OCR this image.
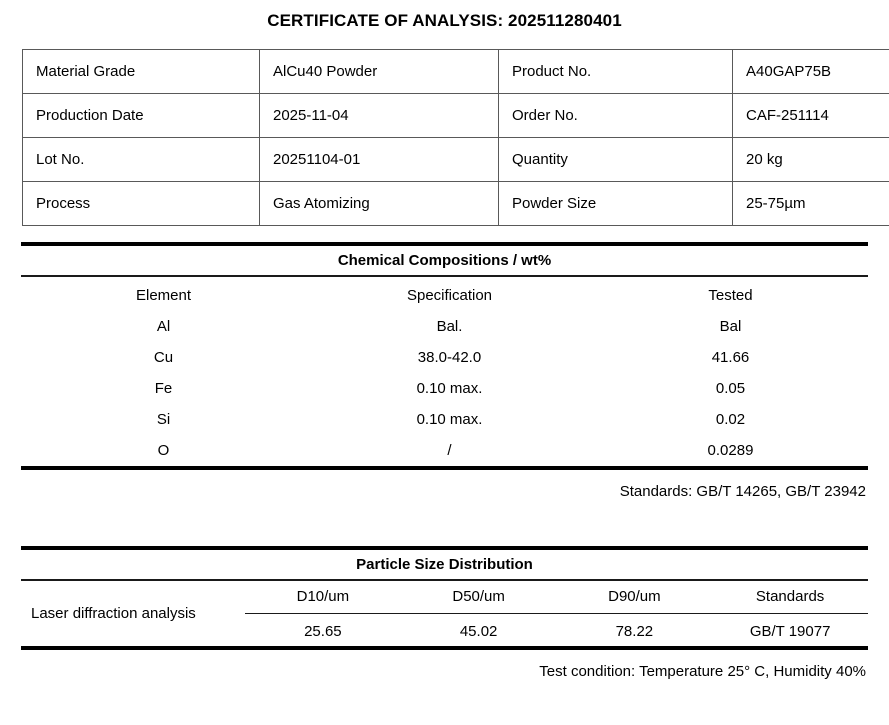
CERTIFICATE OF ANALYSIS: 202511280401
Material Grade	AlCu40 Powder	Product No.	A40GAP75B
Production Date	2025-11-04	Order No.	CAF-251114
Lot No.	20251104-01	Quantity	20 kg
Process	Gas Atomizing	Powder Size	25-75µm
Chemical Compositions / wt%
Element	Specification	Tested
Al	Bal.	Bal
Cu	38.0-42.0	41.66
Fe	0.10 max.	0.05
Si	0.10 max.	0.02
O	/	0.0289
Standards: GB/T 14265, GB/T 23942
Particle Size Distribution
Laser diffraction analysis
D10/um	D50/um	D90/um	Standards
25.65	45.02	78.22	GB/T 19077
Test condition: Temperature 25° C, Humidity 40%
